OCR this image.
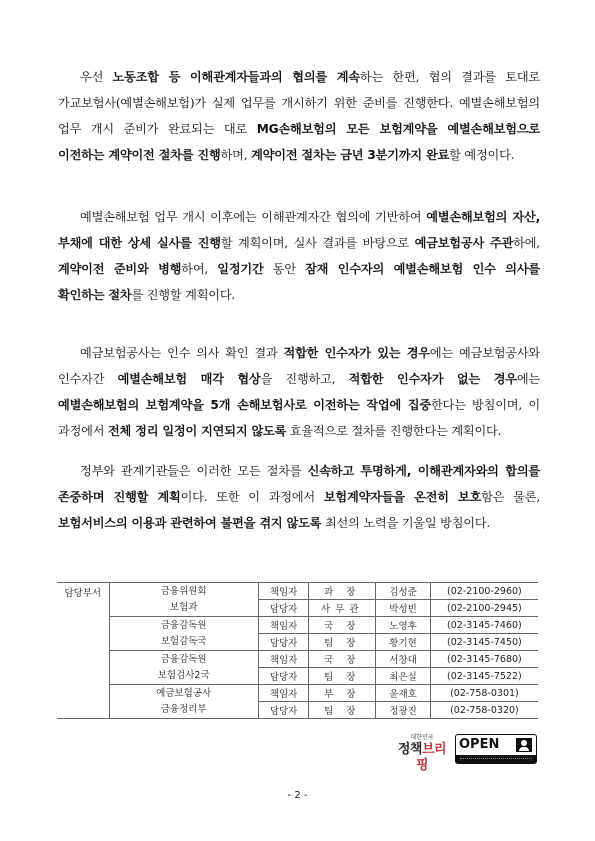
우선 노동조합 등 이해관계자들과의 협의를 계속하는 한편, 협의 결과를 토대로 가교보험사(예별손해보험)가 실제 업무를 개시하기 위한 준비를 진행한다. 예별손해보험의 업무 개시 준비가 완료되는 대로 MG손해보험의 모든 보험계약을 예별손해보험으로 이전하는 계약이전 절차를 진행하며, 계약이전 절차는 금년 3분기까지 완료할 예정이다.
예별손해보험 업무 개시 이후에는 이해관계자간 협의에 기반하여 예별손해보험의 자산, 부채에 대한 상세 실사를 진행할 계획이며, 실사 결과를 바탕으로 예금보험공사 주관하에, 계약이전 준비와 병행하여, 일정기간 동안 잠재 인수자의 예별손해보험 인수 의사를 확인하는 절차를 진행할 계획이다.
예금보험공사는 인수 의사 확인 결과 적합한 인수자가 있는 경우에는 예금보험공사와 인수자간 예별손해보험 매각 협상을 진행하고, 적합한 인수자가 없는 경우에는 예별손해보험의 보험계약을 5개 손해보험사로 이전하는 작업에 집중한다는 방침이며, 이 과정에서 전체 정리 일정이 지연되지 않도록 효율적으로 절차를 진행한다는 계획이다.
정부와 관계기관들은 이러한 모든 절차를 신속하고 투명하게, 이해관계자와의 합의를 존중하며 진행할 계획이다. 또한 이 과정에서 보험계약자들을 온전히 보호함은 물론, 보험서비스의 이용과 관련하여 불편을 겪지 않도록 최선의 노력을 기울일 방침이다.
담당부서	금융위원회
보험과	책임자	과 장	김성준	(02-2100-2960)
		담당자	사무관	박성빈	(02-2100-2945)

	금융감독원
보험감독국	책임자	국 장	노영후	(02-3145-7460)
		담당자	팀 장	황기현	(02-3145-7450)

	금융감독원
보험검사2국	책임자	국 장	서창대	(02-3145-7680)
		담당자	팀 장	최은실	(02-3145-7522)

	예금보험공사
금융정리부	책임자	부 장	윤재호	(02-758-0301)
		담당자	팀 장	정광진	(02-758-0320)
대한민국
정책브리핑
OPEN
- 2 -
